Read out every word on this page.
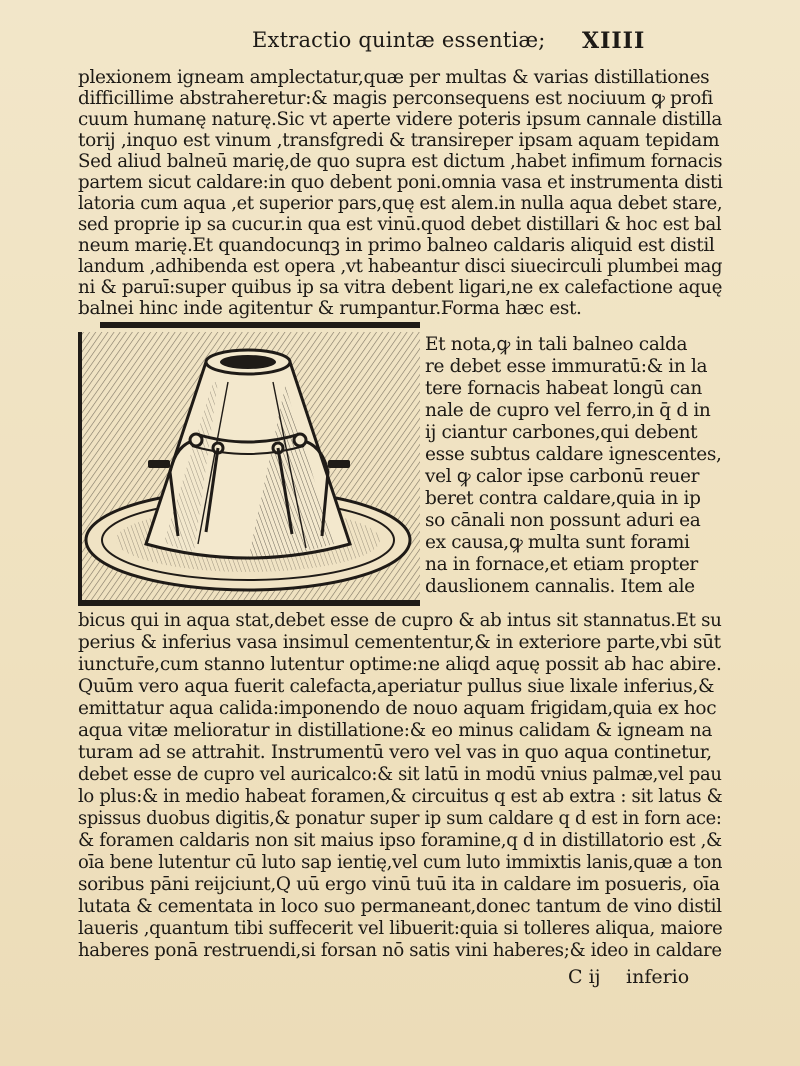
Extractio quintæ essentiæ; XIIII
plexionem igneam amplectatur,quæ per multas & varias distillationes
difficillime abstraheretur:& magis perconsequens est nociuum ꝙ profi
cuum humanę naturę.Sic vt aperte videre poteris ipsum cannale distilla
torij ,inquo est vinum ,transfgredi & transireper ipsam aquam tepidam
Sed aliud balneū marię,de quo supra est dictum ,habet infimum fornacis
partem sicut caldare:in quo debent poni.omnia vasa et instrumenta disti
latoria cum aqua ,et superior pars,quę est alem.in nulla aqua debet stare,
sed proprie ip sa cucur.in qua est vinū.quod debet distillari & hoc est bal
neum marię.Et quandocunqꝫ in primo balneo caldaris aliquid est distil
landum ,adhibenda est opera ,vt habeantur disci siuecirculi plumbei mag
ni & paruī:super quibus ip sa vitra debent ligari,ne ex calefactione aquę
balnei hinc inde agitentur & rumpantur.Forma hæc est.
Et nota,ꝙ in tali balneo calda
re debet esse immuratū:& in la
tere fornacis habeat longū can
nale de cupro vel ferro,in q̄ d in
ij ciantur carbones,qui debent
esse subtus caldare ignescentes,
vel ꝙ calor ipse carbonū reuer
beret contra caldare,quia in ip
so cānali non possunt aduri ea
ex causa,ꝙ multa sunt forami
na in fornace,et etiam propter
dauslionem cannalis. Item ale
bicus qui in aqua stat,debet esse de cupro & ab intus sit stannatus.Et su
perius & inferius vasa insimul cemententur,& in exteriore parte,vbi sūt
iunctur̄e,cum stanno lutentur optime:ne aliqd aquę possit ab hac abire.
Quūm vero aqua fuerit calefacta,aperiatur pullus siue lixale inferius,&
emittatur aqua calida:imponendo de nouo aquam frigidam,quia ex hoc
aqua vitæ melioratur in distillatione:& eo minus calidam & igneam na
turam ad se attrahit. Instrumentū vero vel vas in quo aqua continetur,
debet esse de cupro vel auricalco:& sit latū in modū vnius palmæ,vel pau
lo plus:& in medio habeat foramen,& circuitus q est ab extra : sit latus &
spissus duobus digitis,& ponatur super ip sum caldare q d est in forn ace:
& foramen caldaris non sit maius ipso foramine,q d in distillatorio est ,&
oīa bene lutentur cū luto sap ientię,vel cum luto immixtis lanis,quæ a ton
soribus pāni reijciunt,Q uū ergo vinū tuū ita in caldare im posueris, oīa
lutata & cementata in loco suo permaneant,donec tantum de vino distil
laueris ,quantum tibi suffecerit vel libuerit:quia si tolleres aliqua, maiore
haberes ponā restruendi,si forsan nō satis vini haberes;& ideo in caldare
C ij inferio
